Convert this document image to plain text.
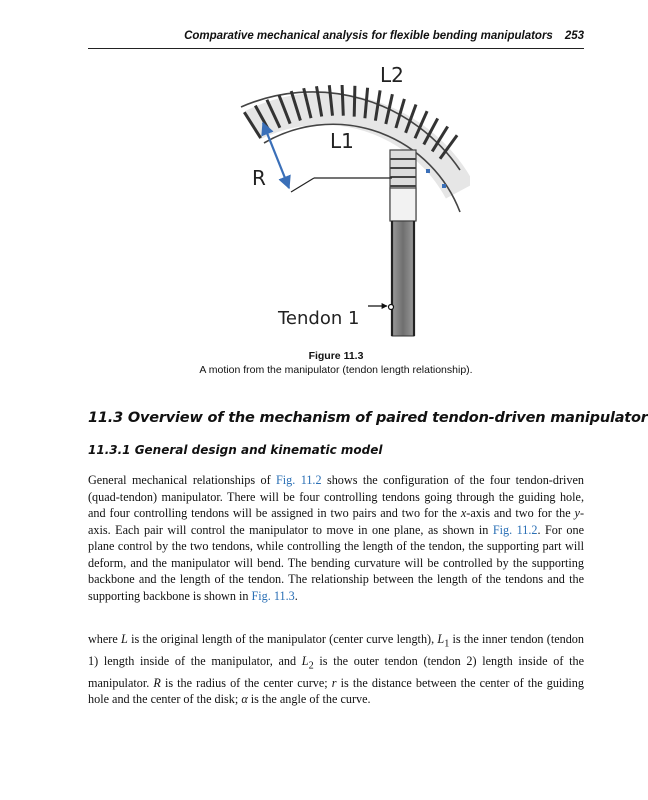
Comparative mechanical analysis for flexible bending manipulators 253
L2
L1
R
Tendon 1
Figure 11.3
A motion from the manipulator (tendon length relationship).
11.3 Overview of the mechanism of paired tendon-driven manipulator
11.3.1 General design and kinematic model

General mechanical relationships of Fig. 11.2 shows the configuration of the four tendon-driven (quad-tendon) manipulator. There will be four controlling tendons going through the guiding hole, and four controlling tendons will be assigned in two pairs and two for the x-axis and two for the y-axis. Each pair will control the manipulator to move in one plane, as shown in Fig. 11.2. For one plane control by the two tendons, while controlling the length of the tendon, the supporting part will deform, and the manipulator will bend. The bending curvature will be controlled by the supporting backbone and the length of the tendon. The relationship between the length of the tendons and the supporting backbone is shown in Fig. 11.3.

where L is the original length of the manipulator (center curve length), $L_1$ is the inner tendon (tendon 1) length inside of the manipulator, and $L_2$ is the outer tendon (tendon 2) length inside of the manipulator. R is the radius of the center curve; r is the distance between the center of the guiding hole and the center of the disk; α is the angle of the curve.
